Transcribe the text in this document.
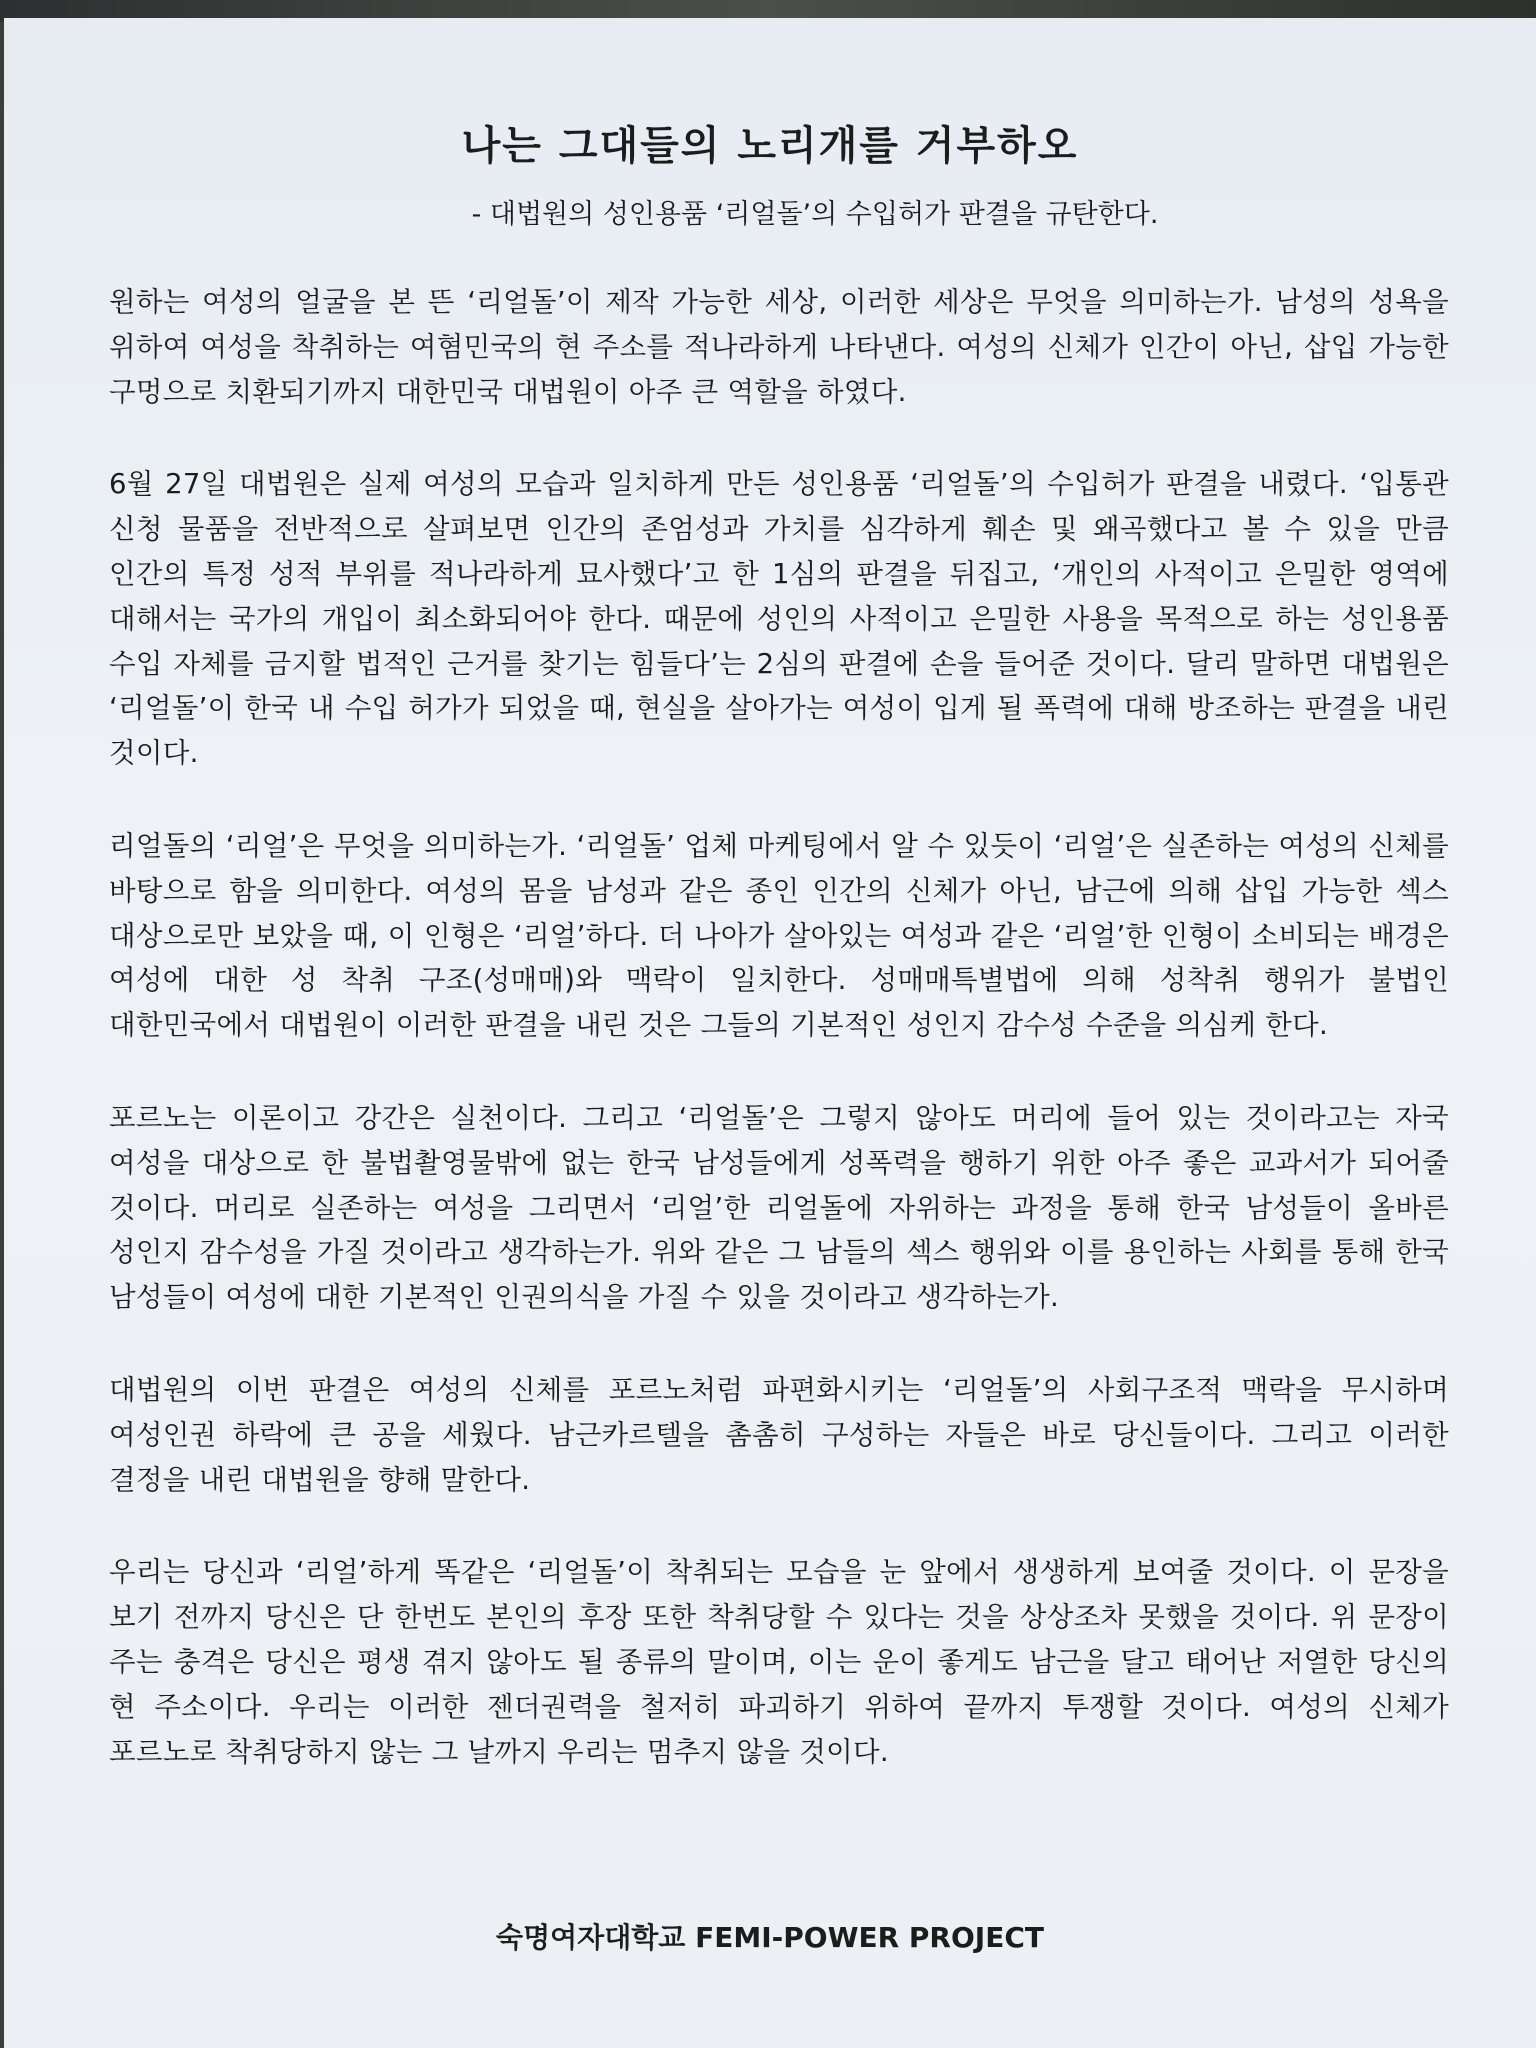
나는 그대들의 노리개를 거부하오

- 대법원의 성인용품 ‘리얼돌’의 수입허가 판결을 규탄한다.

원하는 여성의 얼굴을 본 뜬 ‘리얼돌’이 제작 가능한 세상, 이러한 세상은 무엇을 의미하는가. 남성의 성욕을 위하여 여성을 착취하는 여혐민국의 현 주소를 적나라하게 나타낸다. 여성의 신체가 인간이 아닌, 삽입 가능한 구멍으로 치환되기까지 대한민국 대법원이 아주 큰 역할을 하였다.

6월 27일 대법원은 실제 여성의 모습과 일치하게 만든 성인용품 ‘리얼돌’의 수입허가 판결을 내렸다. ‘입통관 신청 물품을 전반적으로 살펴보면 인간의 존엄성과 가치를 심각하게 훼손 및 왜곡했다고 볼 수 있을 만큼 인간의 특정 성적 부위를 적나라하게 묘사했다’고 한 1심의 판결을 뒤집고, ‘개인의 사적이고 은밀한 영역에 대해서는 국가의 개입이 최소화되어야 한다. 때문에 성인의 사적이고 은밀한 사용을 목적으로 하는 성인용품 수입 자체를 금지할 법적인 근거를 찾기는 힘들다’는 2심의 판결에 손을 들어준 것이다. 달리 말하면 대법원은 ‘리얼돌’이 한국 내 수입 허가가 되었을 때, 현실을 살아가는 여성이 입게 될 폭력에 대해 방조하는 판결을 내린 것이다.

리얼돌의 ‘리얼’은 무엇을 의미하는가. ‘리얼돌’ 업체 마케팅에서 알 수 있듯이 ‘리얼’은 실존하는 여성의 신체를 바탕으로 함을 의미한다. 여성의 몸을 남성과 같은 종인 인간의 신체가 아닌, 남근에 의해 삽입 가능한 섹스 대상으로만 보았을 때, 이 인형은 ‘리얼’하다. 더 나아가 살아있는 여성과 같은 ‘리얼’한 인형이 소비되는 배경은 여성에 대한 성 착취 구조(성매매)와 맥락이 일치한다. 성매매특별법에 의해 성착취 행위가 불법인 대한민국에서 대법원이 이러한 판결을 내린 것은 그들의 기본적인 성인지 감수성 수준을 의심케 한다.

포르노는 이론이고 강간은 실천이다. 그리고 ‘리얼돌’은 그렇지 않아도 머리에 들어 있는 것이라고는 자국 여성을 대상으로 한 불법촬영물밖에 없는 한국 남성들에게 성폭력을 행하기 위한 아주 좋은 교과서가 되어줄 것이다. 머리로 실존하는 여성을 그리면서 ‘리얼’한 리얼돌에 자위하는 과정을 통해 한국 남성들이 올바른 성인지 감수성을 가질 것이라고 생각하는가. 위와 같은 그 남들의 섹스 행위와 이를 용인하는 사회를 통해 한국 남성들이 여성에 대한 기본적인 인권의식을 가질 수 있을 것이라고 생각하는가.

대법원의 이번 판결은 여성의 신체를 포르노처럼 파편화시키는 ‘리얼돌’의 사회구조적 맥락을 무시하며 여성인권 하락에 큰 공을 세웠다. 남근카르텔을 촘촘히 구성하는 자들은 바로 당신들이다. 그리고 이러한 결정을 내린 대법원을 향해 말한다.

우리는 당신과 ‘리얼’하게 똑같은 ‘리얼돌’이 착취되는 모습을 눈 앞에서 생생하게 보여줄 것이다. 이 문장을 보기 전까지 당신은 단 한번도 본인의 후장 또한 착취당할 수 있다는 것을 상상조차 못했을 것이다. 위 문장이 주는 충격은 당신은 평생 겪지 않아도 될 종류의 말이며, 이는 운이 좋게도 남근을 달고 태어난 저열한 당신의 현 주소이다. 우리는 이러한 젠더권력을 철저히 파괴하기 위하여 끝까지 투쟁할 것이다. 여성의 신체가 포르노로 착취당하지 않는 그 날까지 우리는 멈추지 않을 것이다.

숙명여자대학교 FEMI-POWER PROJECT
